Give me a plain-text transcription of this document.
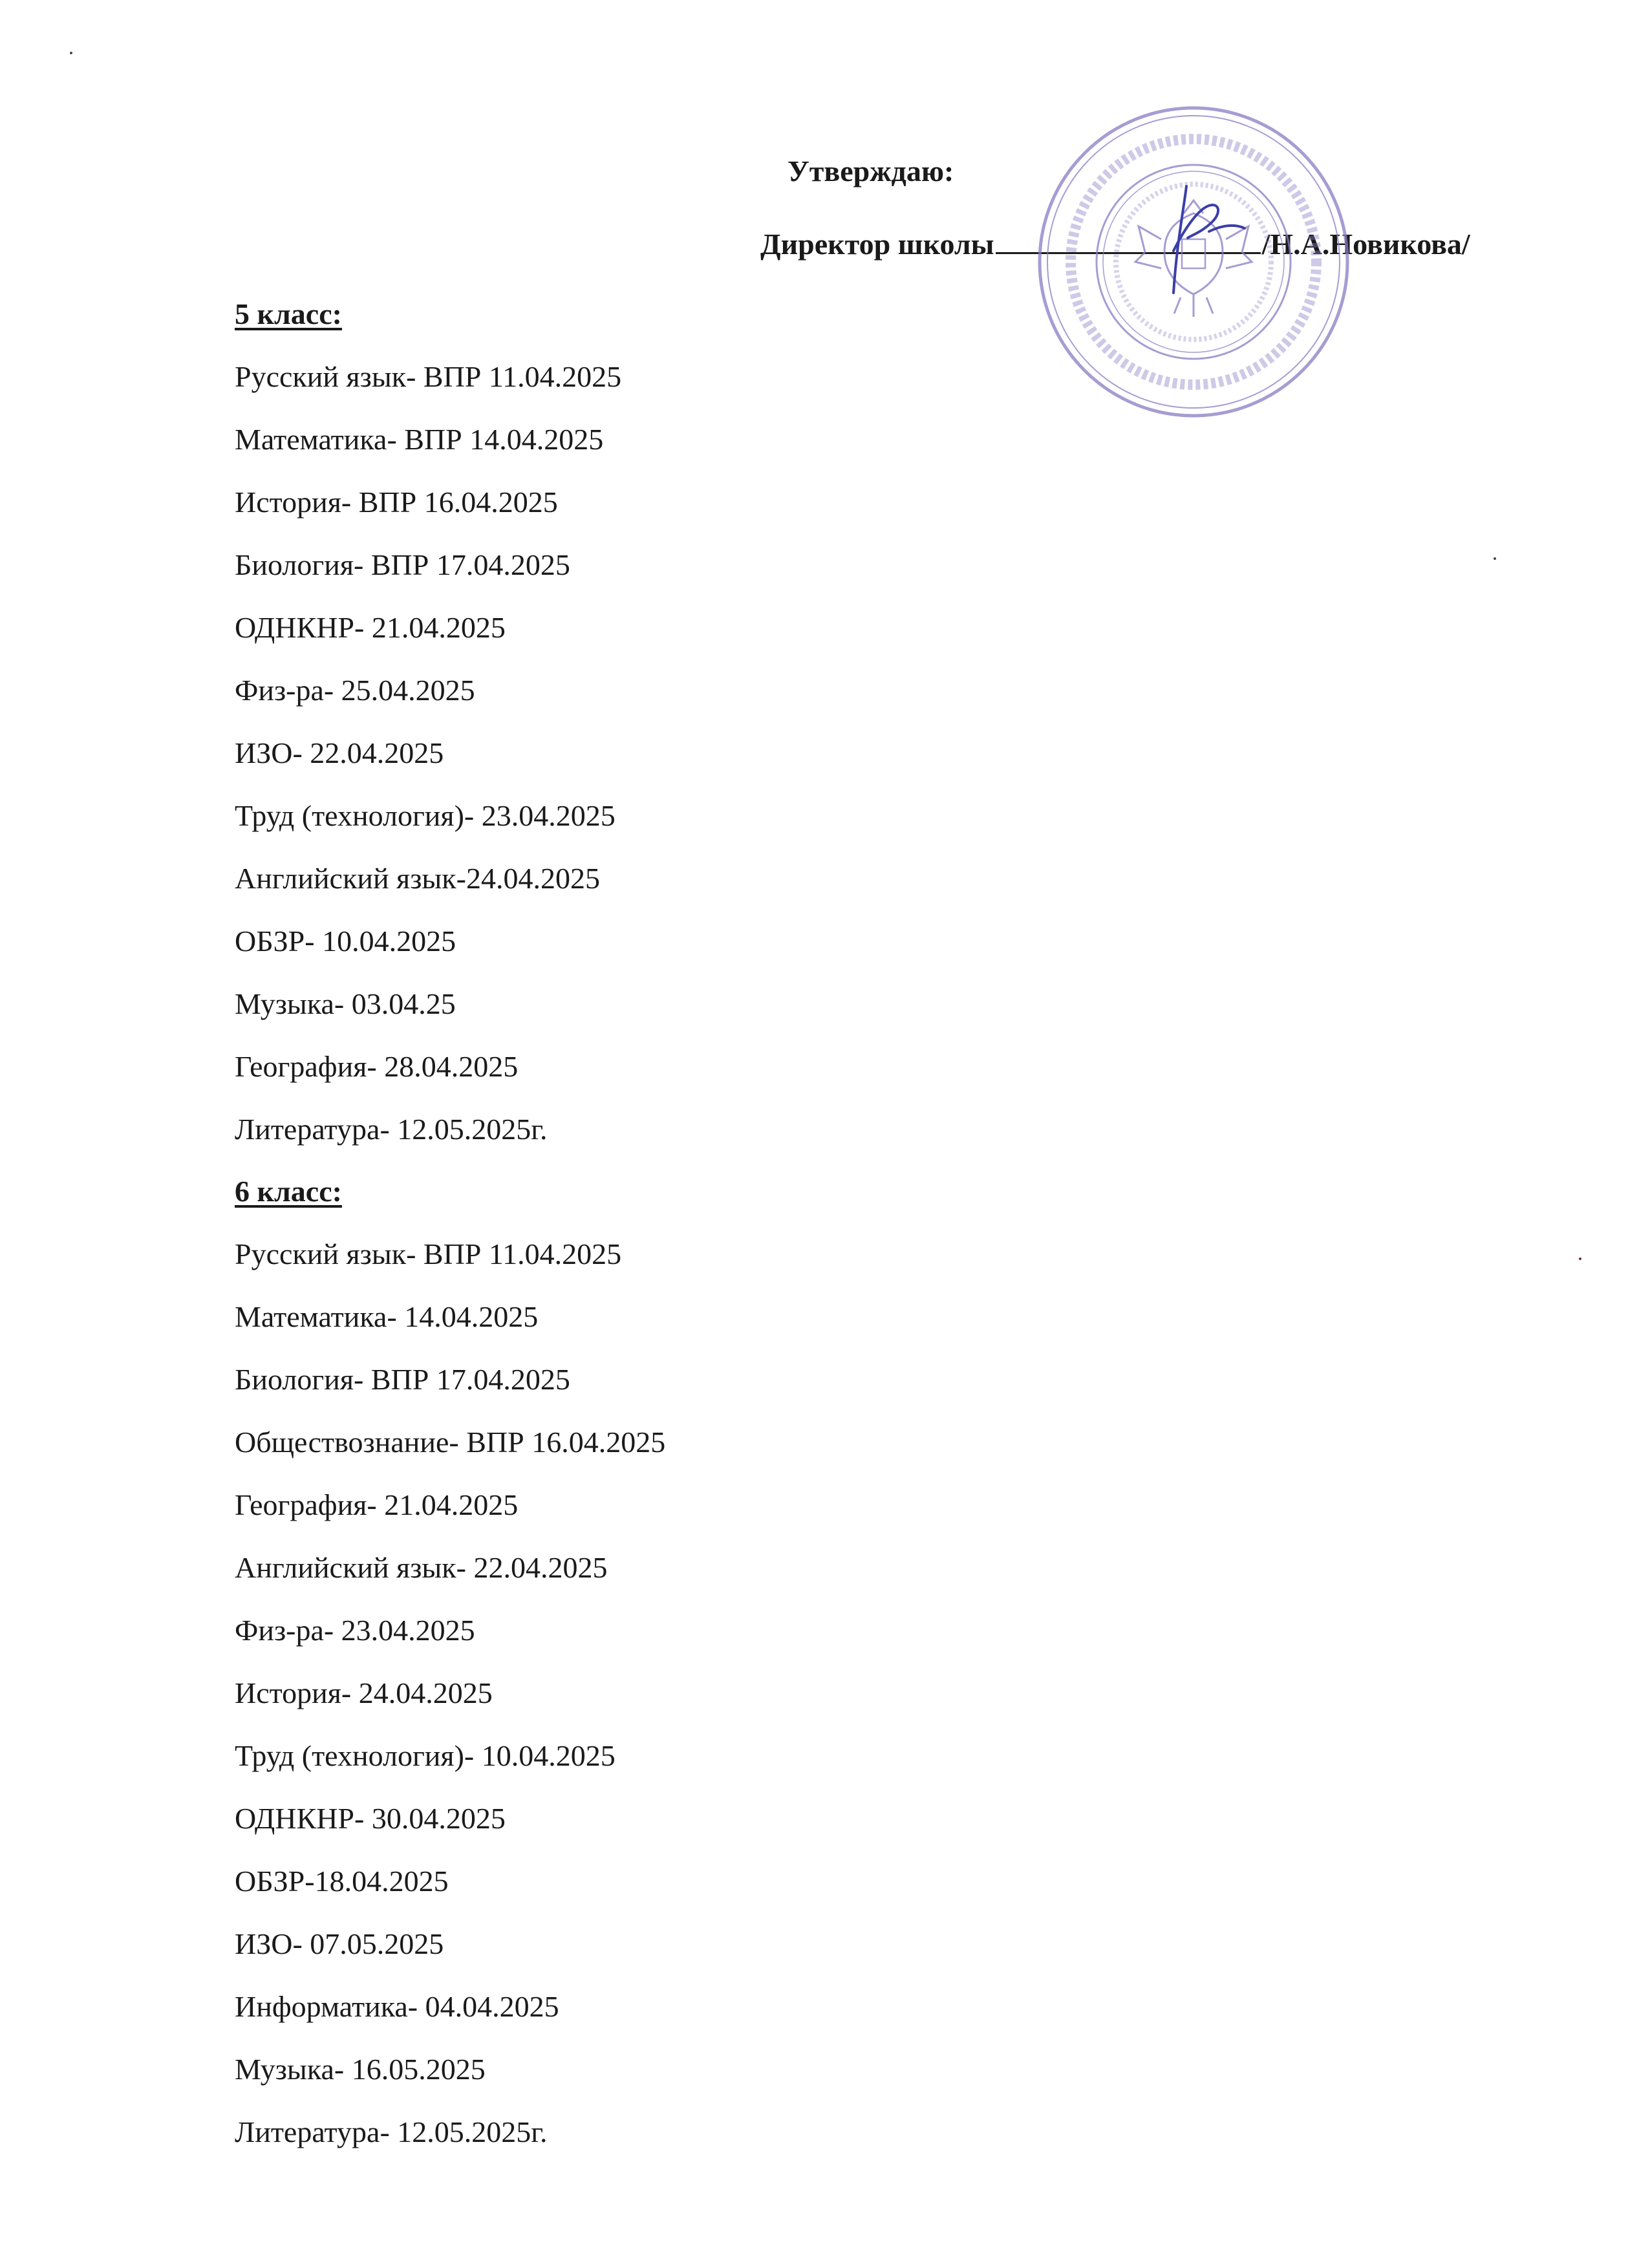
Утверждаю:
Директор школы	/Н.А.Новикова/
5 класс:
Русский язык- ВПР 11.04.2025
Математика- ВПР 14.04.2025
История- ВПР 16.04.2025
Биология- ВПР 17.04.2025
ОДНКНР- 21.04.2025
Физ-ра- 25.04.2025
ИЗО- 22.04.2025
Труд (технология)- 23.04.2025
Английский язык-24.04.2025
ОБЗР- 10.04.2025
Музыка- 03.04.25
География- 28.04.2025
Литература- 12.05.2025г.
6 класс:
Русский язык- ВПР 11.04.2025
Математика- 14.04.2025
Биология- ВПР 17.04.2025
Обществознание- ВПР 16.04.2025
География- 21.04.2025
Английский язык- 22.04.2025
Физ-ра- 23.04.2025
История- 24.04.2025
Труд (технология)- 10.04.2025
ОДНКНР- 30.04.2025
ОБЗР-18.04.2025
ИЗО- 07.05.2025
Информатика- 04.04.2025
Музыка- 16.05.2025
Литература- 12.05.2025г.
